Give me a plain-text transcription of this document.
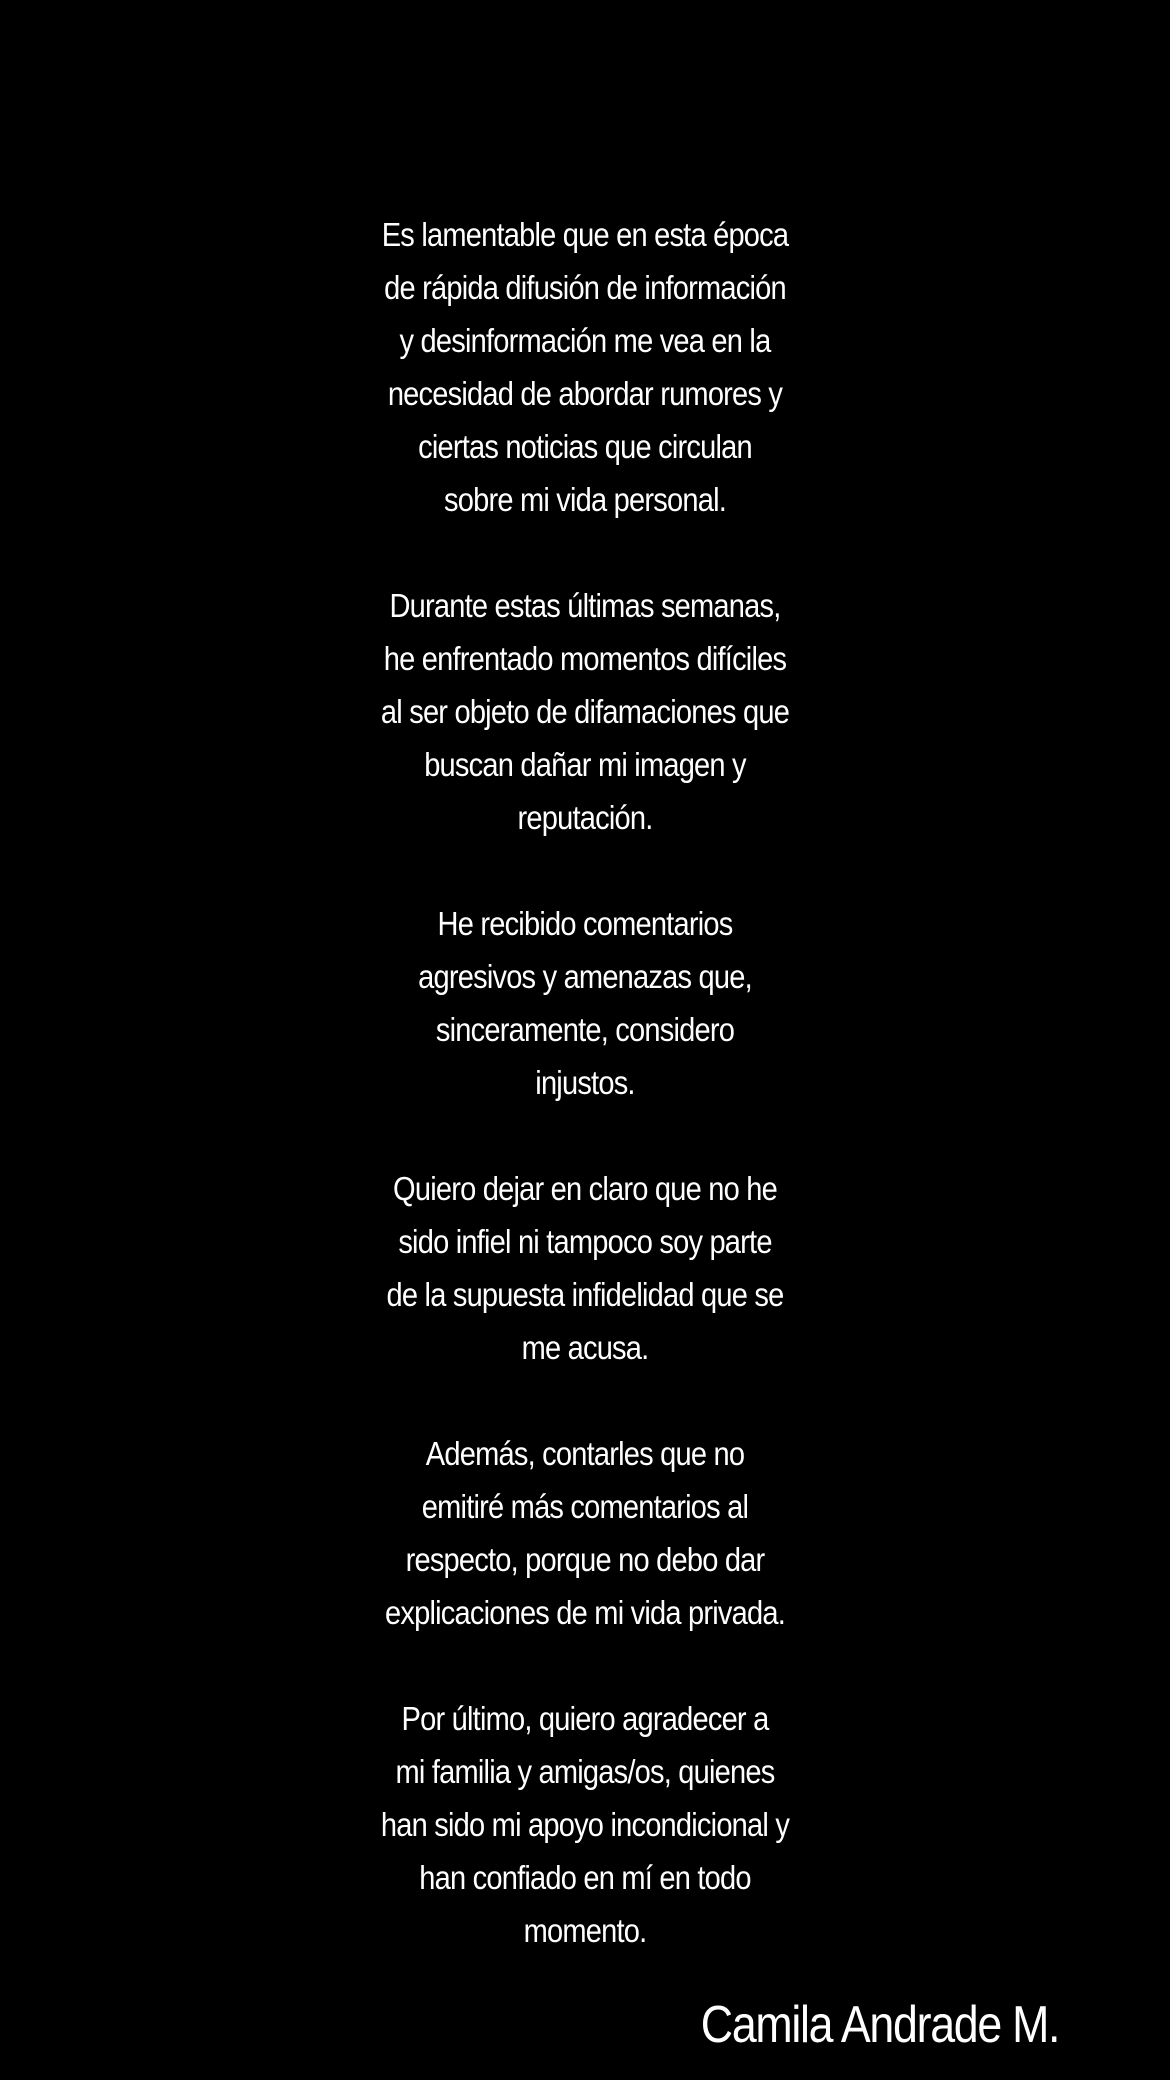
Es lamentable que en esta época
de rápida difusión de información
y desinformación me vea en la
necesidad de abordar rumores y
ciertas noticias que circulan
sobre mi vida personal.
Durante estas últimas semanas,
he enfrentado momentos difíciles
al ser objeto de difamaciones que
buscan dañar mi imagen y
reputación.
He recibido comentarios
agresivos y amenazas que,
sinceramente, considero
injustos.
Quiero dejar en claro que no he
sido infiel ni tampoco soy parte
de la supuesta infidelidad que se
me acusa.
Además, contarles que no
emitiré más comentarios al
respecto, porque no debo dar
explicaciones de mi vida privada.
Por último, quiero agradecer a
mi familia y amigas/os, quienes
han sido mi apoyo incondicional y
han confiado en mí en todo
momento.
Camila Andrade M.
